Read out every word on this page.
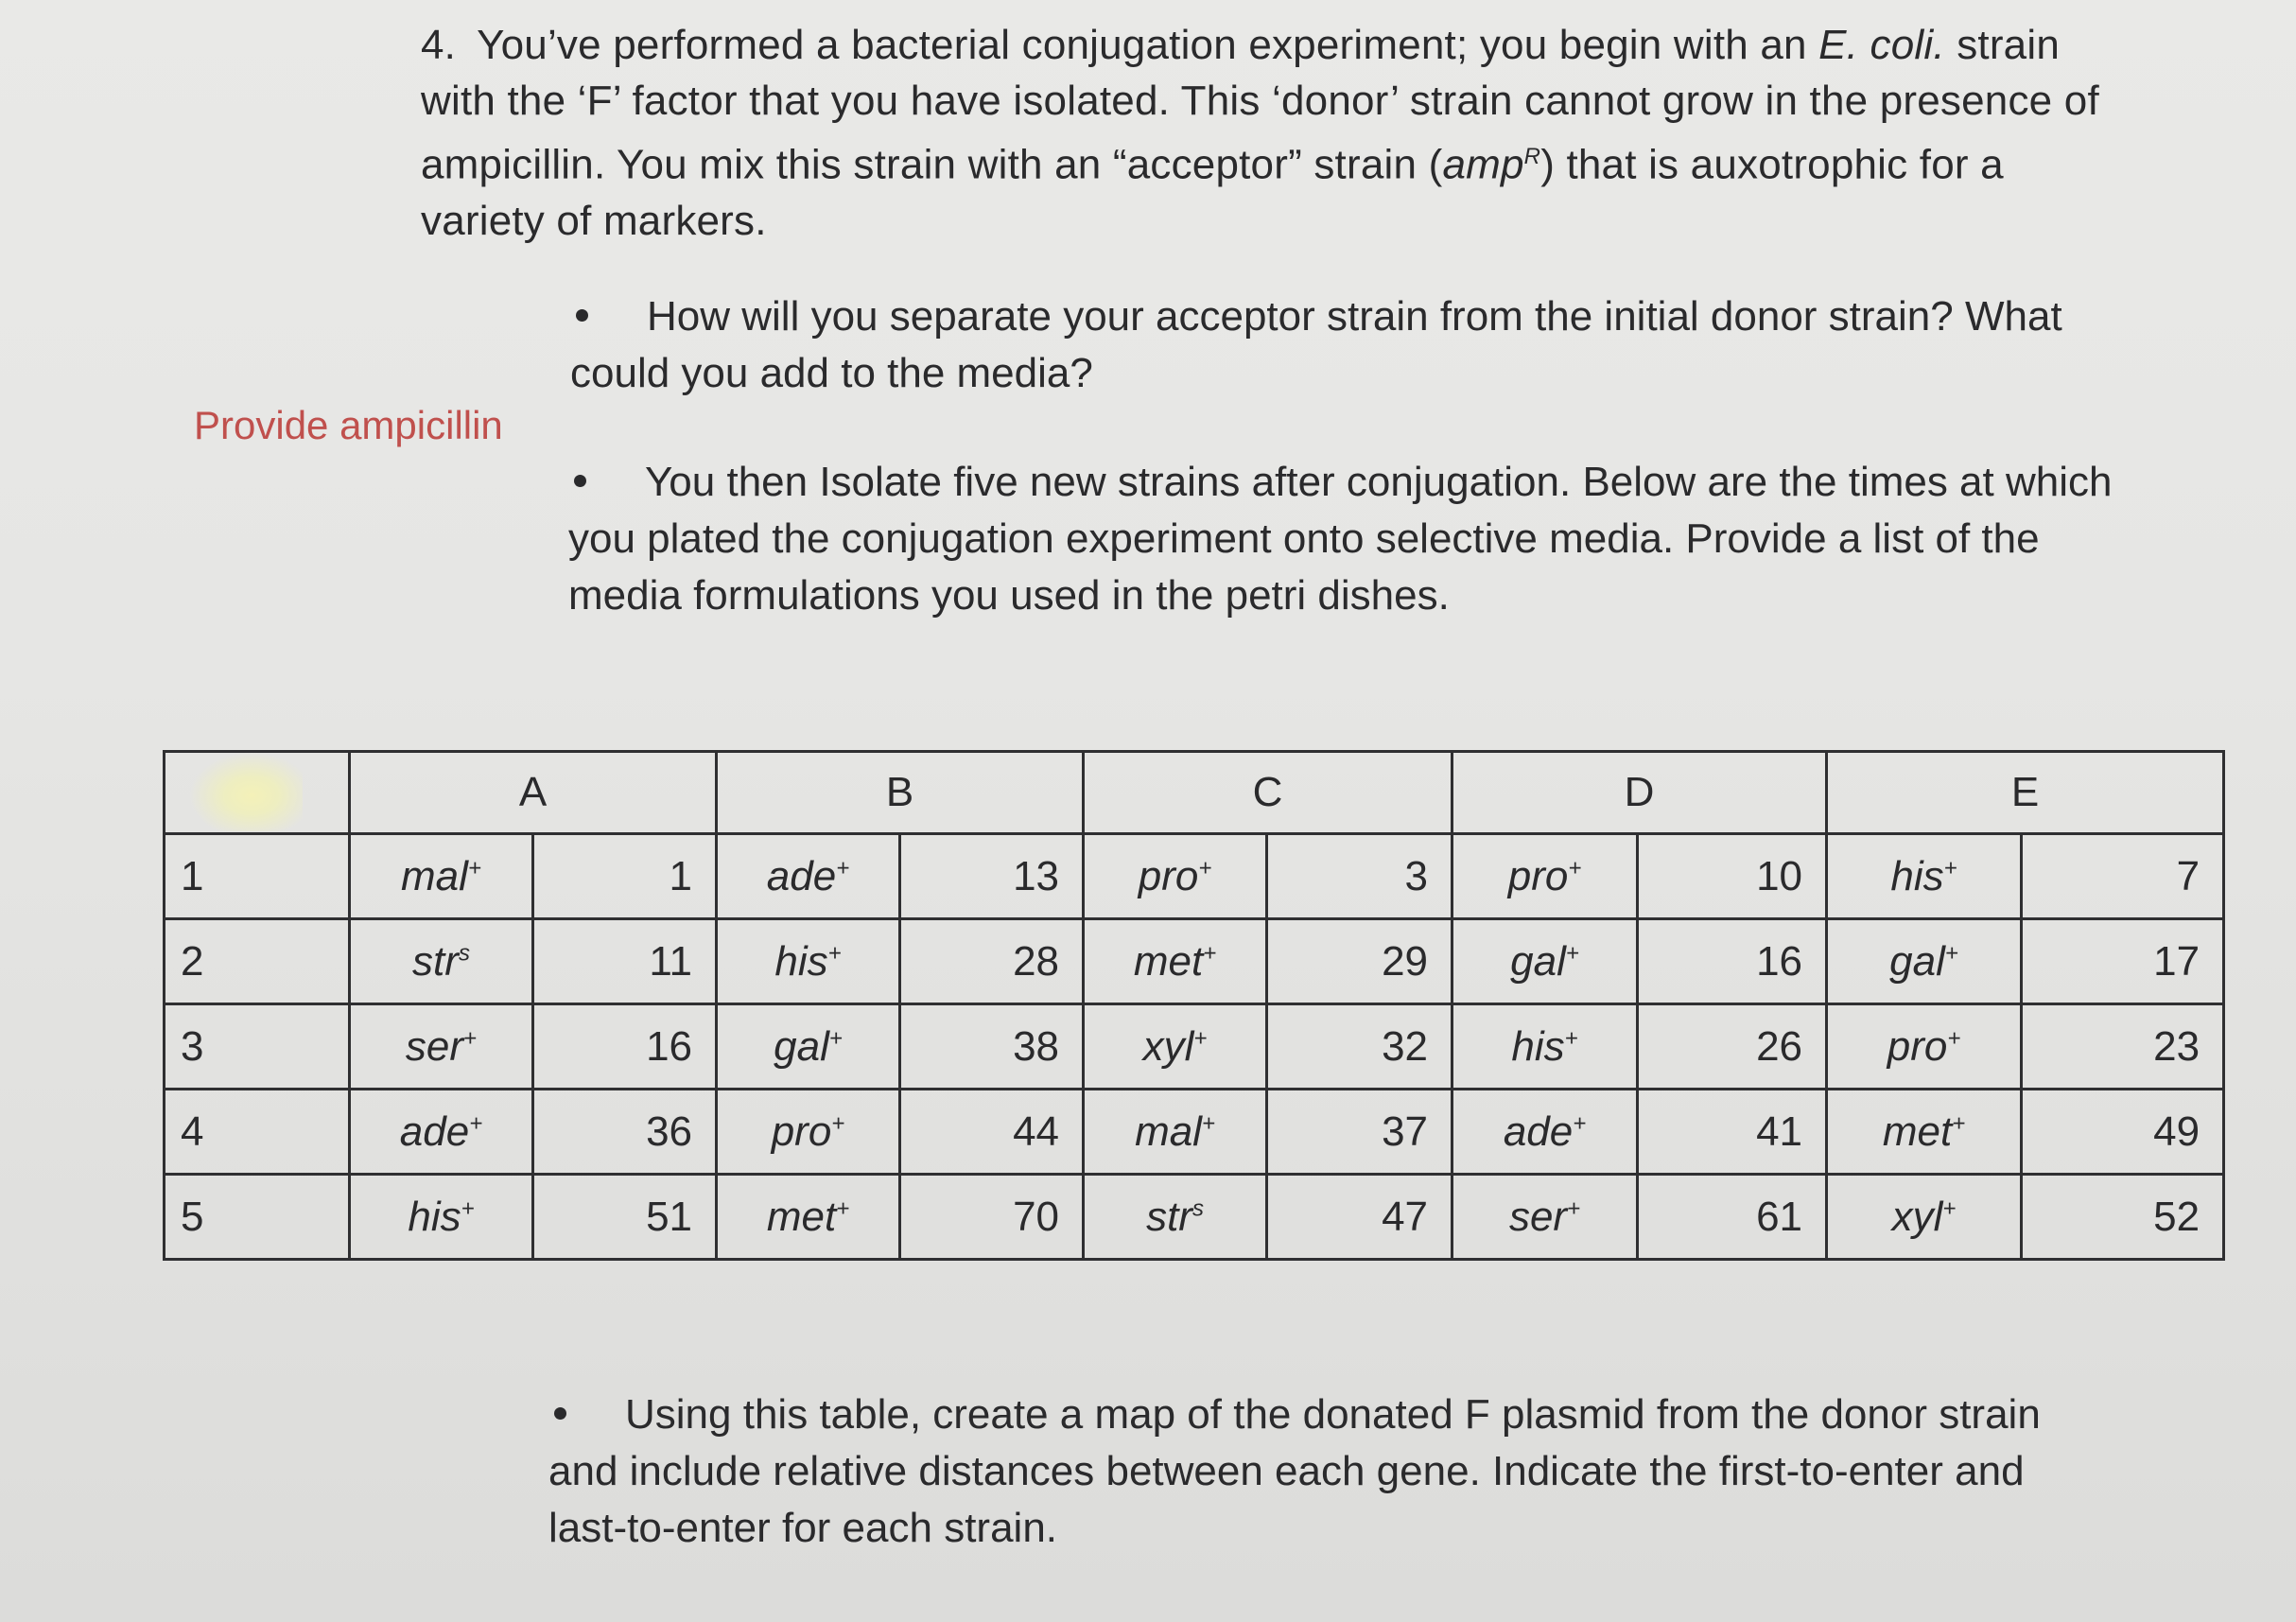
4. You’ve performed a bacterial conjugation experiment; you begin with an E. coli. strain
with the ‘F’ factor that you have isolated. This ‘donor’ strain cannot grow in the presence of
ampicillin. You mix this strain with an “acceptor” strain (amp$^R$) that is auxotrophic for a
variety of markers.
How will you separate your acceptor strain from the initial donor strain? What
could you add to the media?
Provide ampicillin
You then Isolate five new strains after conjugation. Below are the times at which
you plated the conjugation experiment onto selective media. Provide a list of the
media formulations you used in the petri dishes.
	A		B		C		D		E	
1	mal+	1	ade+	13	pro+	3	pro+	10	his+	7
2	str$^s$	11	his+	28	met+	29	gal+	16	gal+	17
3	ser+	16	gal+	38	xyl+	32	his+	26	pro+	23
4	ade+	36	pro+	44	mal+	37	ade+	41	met+	49
5	his+	51	met+	70	str$^s$	47	ser+	61	xyl+	52
Using this table, create a map of the donated F plasmid from the donor strain
and include relative distances between each gene. Indicate the first-to-enter and
last-to-enter for each strain.
